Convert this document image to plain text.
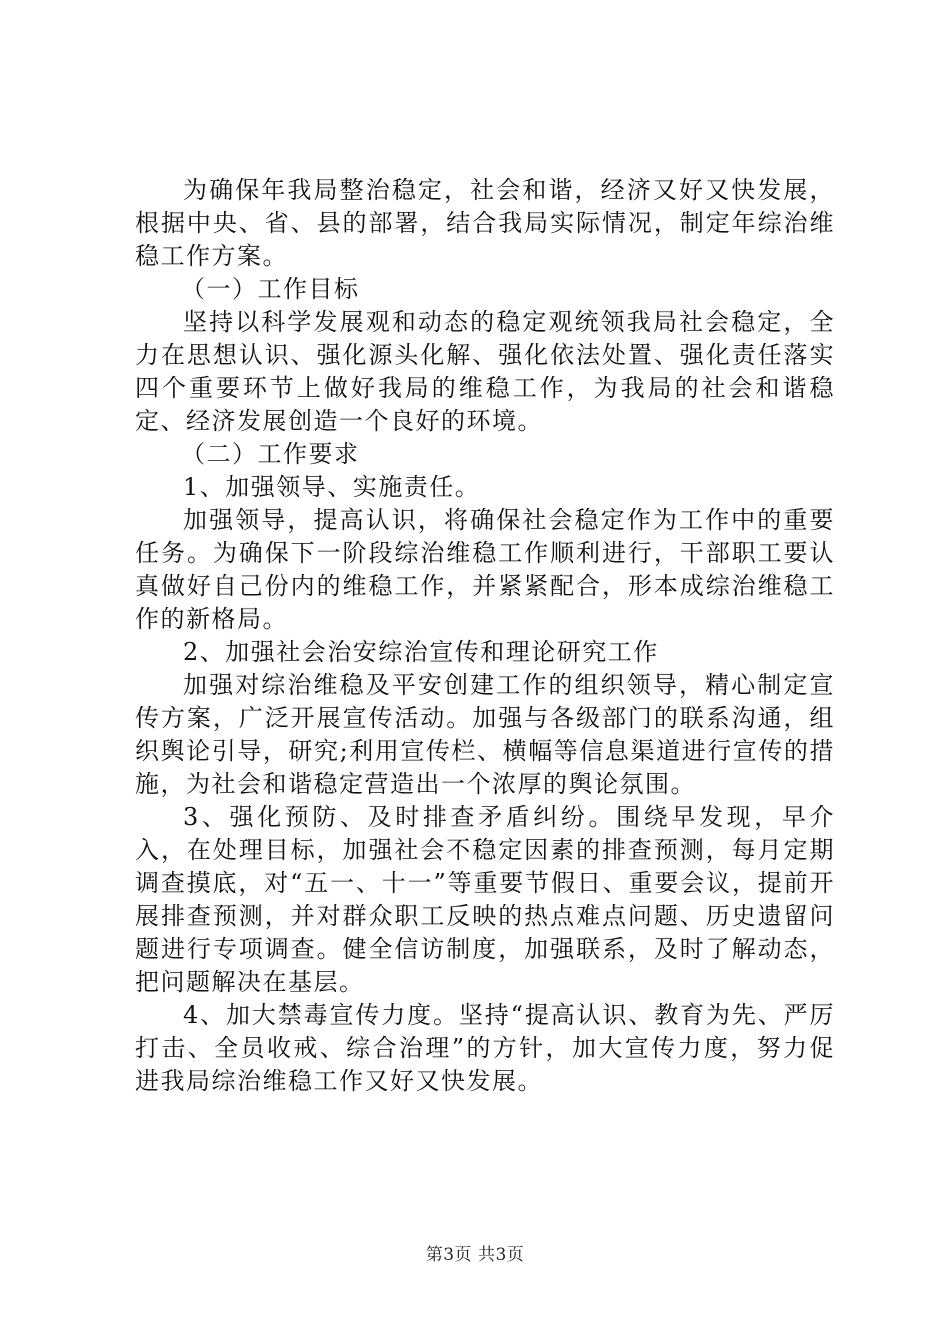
为确保年我局整治稳定，社会和谐，经济又好又快发展，根据中央、省、县的部署，结合我局实际情况，制定年综治维稳工作方案。

（一）工作目标

坚持以科学发展观和动态的稳定观统领我局社会稳定，全力在思想认识、强化源头化解、强化依法处置、强化责任落实四个重要环节上做好我局的维稳工作，为我局的社会和谐稳定、经济发展创造一个良好的环境。

（二）工作要求

1、加强领导、实施责任。

加强领导，提高认识，将确保社会稳定作为工作中的重要任务。为确保下一阶段综治维稳工作顺利进行，干部职工要认真做好自己份内的维稳工作，并紧紧配合，形本成综治维稳工作的新格局。

2、加强社会治安综治宣传和理论研究工作

加强对综治维稳及平安创建工作的组织领导，精心制定宣传方案，广泛开展宣传活动。加强与各级部门的联系沟通，组织舆论引导，研究;利用宣传栏、横幅等信息渠道进行宣传的措施，为社会和谐稳定营造出一个浓厚的舆论氛围。

3、强化预防、及时排查矛盾纠纷。围绕早发现，早介入，在处理目标，加强社会不稳定因素的排查预测，每月定期调查摸底，对“五一、十一”等重要节假日、重要会议，提前开展排查预测，并对群众职工反映的热点难点问题、历史遗留问题进行专项调查。健全信访制度，加强联系，及时了解动态，把问题解决在基层。

4、加大禁毒宣传力度。坚持“提高认识、教育为先、严厉打击、全员收戒、综合治理”的方针，加大宣传力度，努力促进我局综治维稳工作又好又快发展。

第3页 共3页
